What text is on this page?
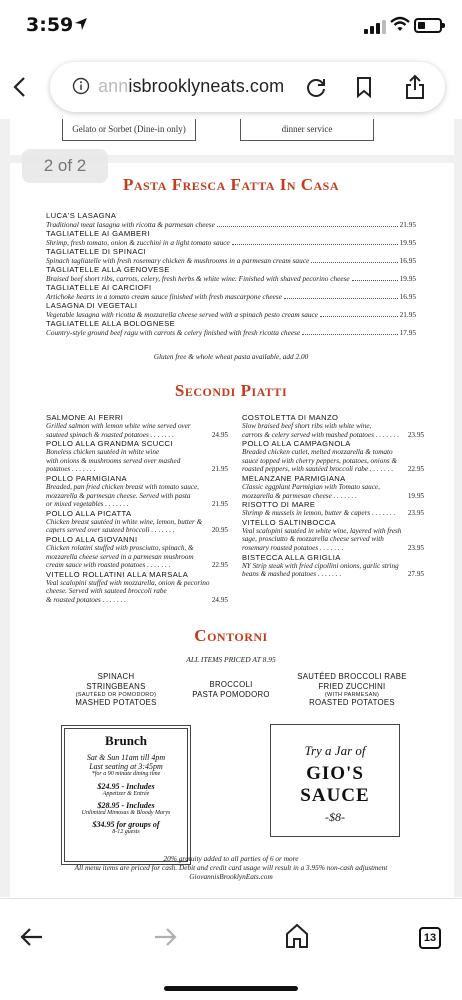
3:59
annisbrooklyneats.com
Gelato or Sorbet (Dine-in only)	dinner service
2 of 2
Pasta Fresca Fatta In Casa
LUCA'S LASAGNA
Traditional meat lasagna with ricotta & parmesan cheese	21.95
TAGLIATELLE AI GAMBERI
Shrimp, fresh tomato, onion & zucchini in a light tomato sauce	19.95
TAGLIATELLE DI SPINACI
Spinach tagliatelle with fresh rosemary chicken & mushrooms in a parmesan cream sauce	16.95
TAGLIATELLE ALLA GENOVESE
Braised beef short ribs, carrots, celery, fresh herbs & white wine. Finished with shaved pecorino cheese	19.95
TAGLIATELLE AI CARCIOFI
Artichoke hearts in a tomato cream sauce finished with fresh mascarpone cheese	16.95
LASAGNA DI VEGETALI
Vegetable lasagna with ricotta & mozzarella cheese served with a spinach pesto cream sauce	21.95
TAGLIATELLE ALLA BOLOGNESE
Country-style ground beef ragu with carrots & celery finished with fresh ricotta cheese	17.95
Gluten free & whole wheat pasta available, add 2.00
Secondi Piatti
SALMONE AI FERRI
Grilled salmon with lemon white wine served over
sauteed spinach & roasted potatoes . . . . . . .	24.95
POLLO ALLA GRANDMA SCUCCI
Boneless chicken sautéed in white wine
with onions & mushrooms served over mashed
potatoes . . . . . . .	21.95
POLLO PARMIGIANA
Breaded, pan fried chicken breast with tomato sauce,
mozzarella & parmesan cheese. Served with pasta
or mixed vegetables . . . . . . .	21.95
POLLO ALLA PICATTA
Chicken breast sautéed in white wine, lemon, butter &
capers served over sauteed broccoli . . . . . . .	20.95
POLLO ALLA GIOVANNI
Chicken rolatini stuffed with prosciutto, spinach, &
mozzarella cheese served in a parmesan mushroom
cream sauce with roasted potatoes . . . . . . .	22.95
VITELLO ROLLATINI ALLA MARSALA
Veal scalopini stuffed with mozzarella, onion & pecorino
cheese. Served with sauteed broccoli rabe
& roasted potatoes . . . . . . .	24.95
COSTOLETTA DI MANZO
Slow braised beef short ribs with white wine,
carrots & celery served with mashed potatoes . . . . . . . 23.95
POLLO ALLA CAMPAGNOLA
Breaded chicken cutlet, melted mozzarella & tomato
sauce topped with cherry peppers, potatoes, onions &
roasted peppers, with sautéed broccoli rabe . . . . . . . 22.95
MELANZANE PARMIGIANA
Classic eggplant Parmigian with Tomato sauce,
mozzarella & parmesan cheese . . . . . . .	19.95
RISOTTO DI MARE
Shrimp & mussels in lemon, butter & capers . . . . . . . 23.95
VITELLO SALTINBOCCA
Veal scalopini sautéed in white wine, layered with fresh
sage, prosciutto & mozzarella cheese served with
rosemary roasted potatoes . . . . . . .	23.95
BISTECCA ALLA GRIGLIA
NY Strip steak with fried cipollini onions, garlic string
beans & mashed potatoes . . . . . . .	27.95
Contorni
ALL ITEMS PRICED AT 8.95
SPINACH
STRINGBEANS
(SAUTÉED OR POMODORO)
MASHED POTATOES
BROCCOLI
PASTA POMODORO
SAUTÉED BROCCOLI RABE
FRIED ZUCCHINI
(WITH PARMESAN)
ROASTED POTATOES
Brunch
Sat & Sun 11am till 4pm
Last seating at 3:45pm
*for a 90 minute dining time
$24.95 - Includes
Appetizer & Entrée
$28.95 - Includes
Unlimited Mimosas & Bloody Marys
$34.95 for groups of
8-12 guests
Try a Jar of
GIO'S
SAUCE
-$8-
20% gratuity added to all parties of 6 or more
All menu items are priced for cash. Debit and credit card usage will result in a 3.95% non-cash adjustment
GiovannisBrooklynEats.com
13
